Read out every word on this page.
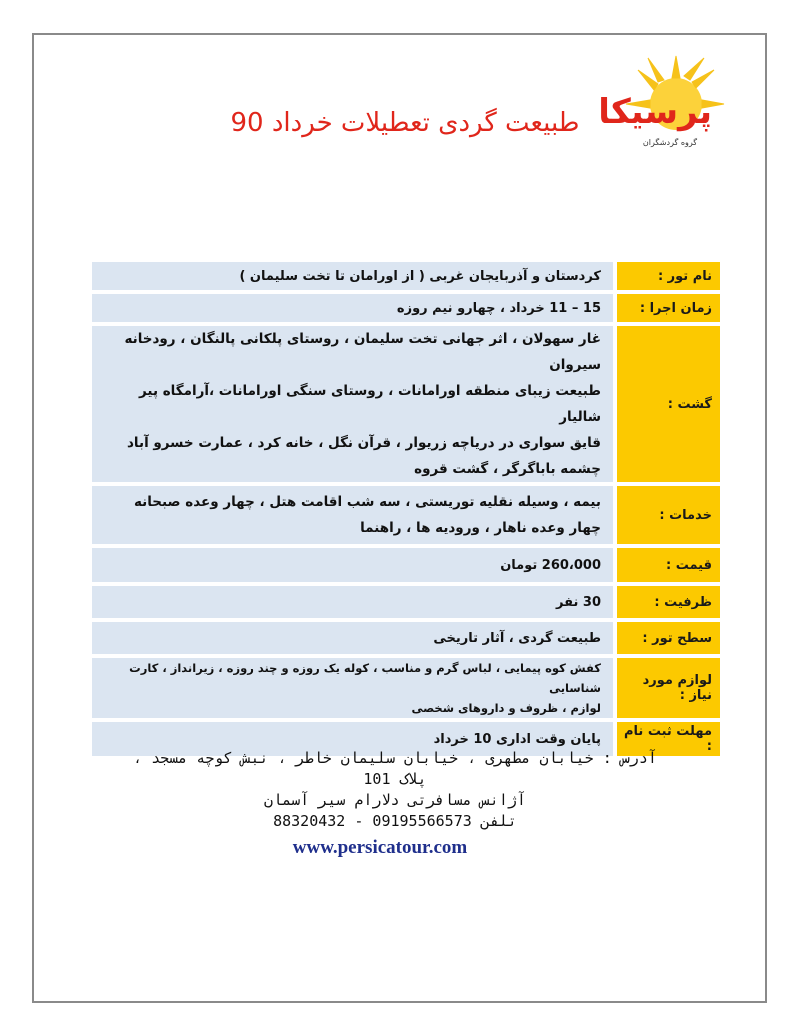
پرسیکا
گروه گردشگران
طبیعت گردی تعطیلات خرداد 90
نام تور :		کردستان و آذربایجان غربی ( از اورامان تا تخت سلیمان )

زمان اجرا :		15 – 11 خرداد ، چهارو نیم روزه

گشت :		غار سهولان ، اثر جهانی تخت سلیمان ، روستای پلکانی پالنگان ، رودخانه سیروان
طبیعت زیبای منطقه اورامانات ، روستای سنگی اورامانات ،آرامگاه پیر شالیار
قایق سواری در دریاچه زریوار ، قرآن نگل ، خانه کرد ، عمارت خسرو آباد
چشمه باباگرگر ، گشت قروه

خدمات :		بیمه ، وسیله نقلیه توریستی ، سه شب اقامت هتل ، چهار وعده صبحانه
چهار وعده ناهار ، ورودیه ها ، راهنما

قیمت :		260،000 تومان

ظرفیت :		30 نفر

سطح تور :		طبیعت گردی ، آثار تاریخی

لوازم مورد نیاز :		کفش کوه پیمایی ، لباس گرم و مناسب ، کوله یک روزه و چند روزه ، زیرانداز ، کارت شناسایی
لوازم ، ظروف و داروهای شخصی

مهلت ثبت نام :		پایان وقت اداری 10 خرداد
آدرس : خیابان مطهری ، خیابان سلیمان خاطر ، نبش کوچه مسجد ،
پلاک 101
آژانس مسافرتی دلارام سیر آسمان
تلفن 09195566573 - 88320432
www.persicatour.com
